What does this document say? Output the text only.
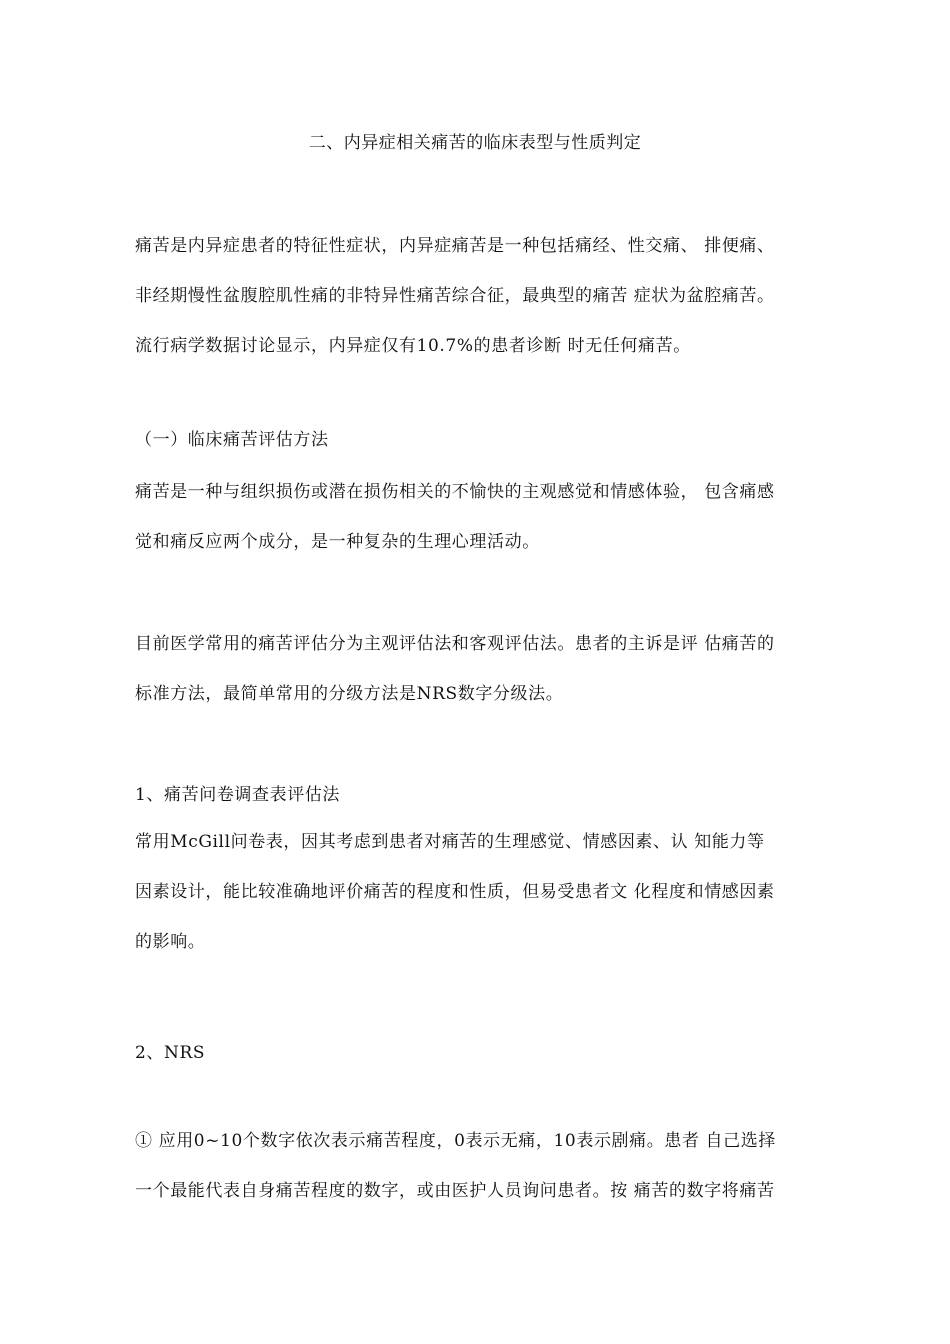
二、内异症相关痛苦的临床表型与性质判定
痛苦是内异症患者的特征性症状，内异症痛苦是一种包括痛经、性交痛、 排便痛、
非经期慢性盆腹腔肌性痛的非特异性痛苦综合征，最典型的痛苦 症状为盆腔痛苦。
流行病学数据讨论显示，内异症仅有10.7%的患者诊断 时无任何痛苦。
（一）临床痛苦评估方法
痛苦是一种与组织损伤或潜在损伤相关的不愉快的主观感觉和情感体验， 包含痛感
觉和痛反应两个成分，是一种复杂的生理心理活动。
目前医学常用的痛苦评估分为主观评估法和客观评估法。患者的主诉是评 估痛苦的
标准方法，最简单常用的分级方法是NRS数字分级法。
1、痛苦问卷调查表评估法
常用McGill问卷表，因其考虑到患者对痛苦的生理感觉、情感因素、认 知能力等
因素设计，能比较准确地评价痛苦的程度和性质，但易受患者文 化程度和情感因素
的影响。
2、NRS
① 应用0~10个数字依次表示痛苦程度，0表示无痛，10表示剧痛。患者 自己选择
一个最能代表自身痛苦程度的数字，或由医护人员询问患者。按 痛苦的数字将痛苦
